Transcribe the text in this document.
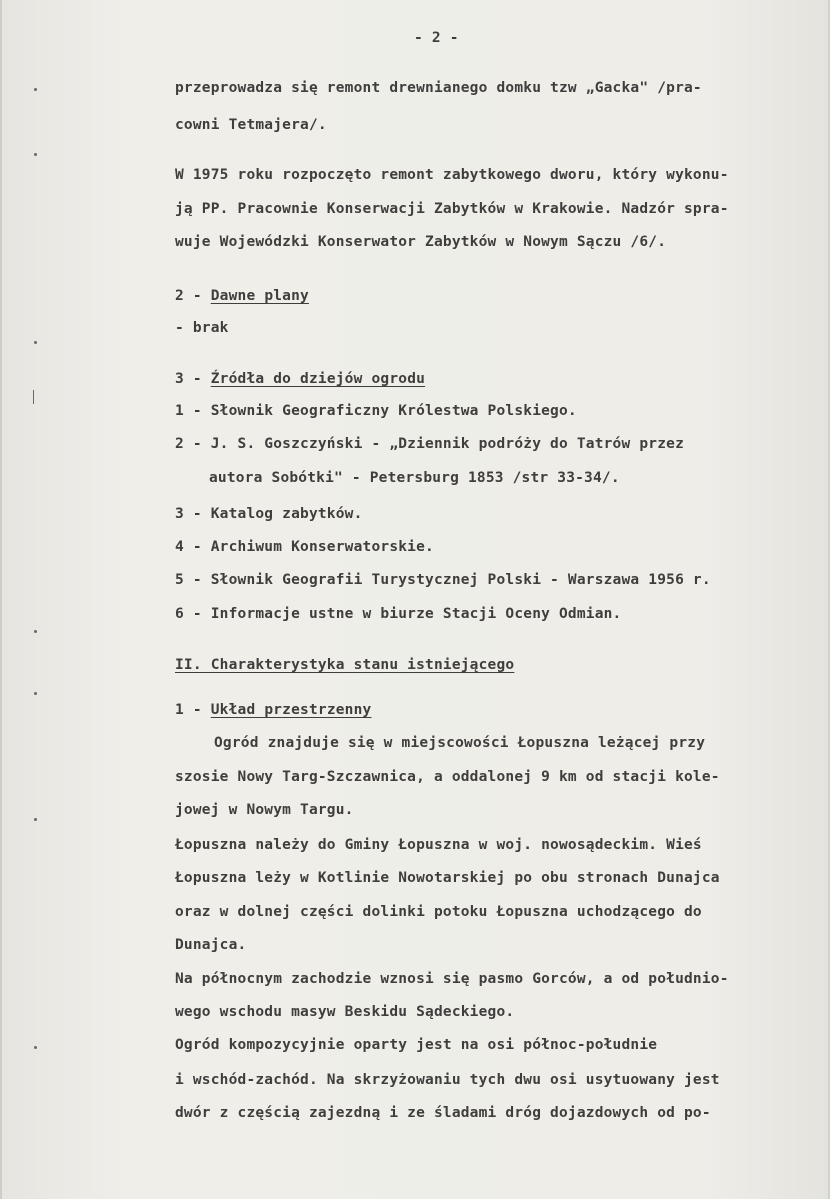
- 2 -
przeprowadza się remont drewnianego domku tzw „Gacka" /pra-
cowni Tetmajera/.
W 1975 roku rozpoczęto remont zabytkowego dworu, który wykonu-
ją PP. Pracownie Konserwacji Zabytków w Krakowie. Nadzór spra-
wuje Wojewódzki Konserwator Zabytków w Nowym Sączu /6/.
2 - Dawne plany
- brak
3 - Źródła do dziejów ogrodu
1 - Słownik Geograficzny Królestwa Polskiego.
2 - J. S. Goszczyński - „Dziennik podróży do Tatrów przez
autora Sobótki" - Petersburg 1853 /str 33-34/.
3 - Katalog zabytków.
4 - Archiwum Konserwatorskie.
5 - Słownik Geografii Turystycznej Polski - Warszawa 1956 r.
6 - Informacje ustne w biurze Stacji Oceny Odmian.
II. Charakterystyka stanu istniejącego
1 - Układ przestrzenny
Ogród znajduje się w miejscowości Łopuszna leżącej przy
szosie Nowy Targ-Szczawnica, a oddalonej 9 km od stacji kole-
jowej w Nowym Targu.
Łopuszna należy do Gminy Łopuszna w woj. nowosądeckim. Wieś
Łopuszna leży w Kotlinie Nowotarskiej po obu stronach Dunajca
oraz w dolnej części dolinki potoku Łopuszna uchodzącego do
Dunajca.
Na północnym zachodzie wznosi się pasmo Gorców, a od południo-
wego wschodu masyw Beskidu Sądeckiego.
Ogród kompozycyjnie oparty jest na osi północ-południe
i wschód-zachód. Na skrzyżowaniu tych dwu osi usytuowany jest
dwór z częścią zajezdną i ze śladami dróg dojazdowych od po-
